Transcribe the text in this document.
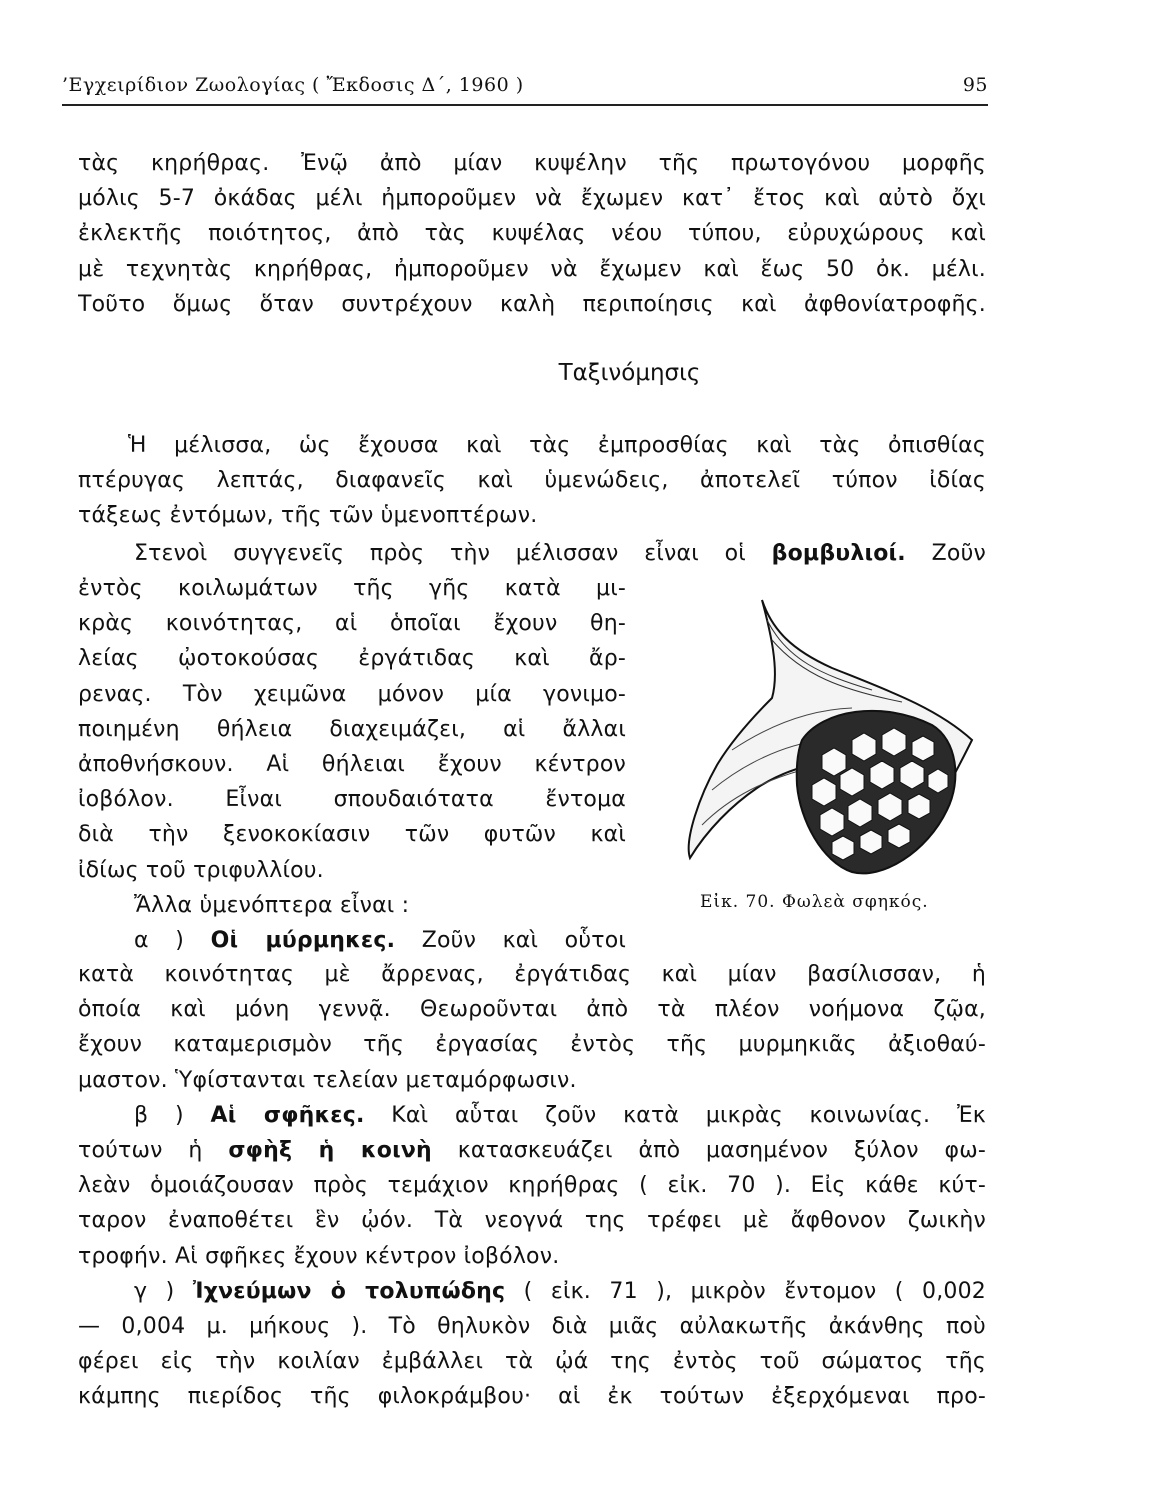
’Εγχειρίδιον Ζωολογίας ( Ἔκδοσις Δ΄, 1960 )	95
τὰς κηρήθρας. Ἐνῷ ἀπὸ μίαν κυψέλην τῆς πρωτογόνου μορφῆς
μόλις 5-7 ὀκάδας μέλι ἠμποροῦμεν νὰ ἔχωμεν κατ᾿ ἔτος καὶ αὐτὸ ὄχι
ἐκλεκτῆς ποιότητος, ἀπὸ τὰς κυψέλας νέου τύπου, εὐρυχώρους καὶ
μὲ τεχνητὰς κηρήθρας, ἠμποροῦμεν νὰ ἔχωμεν καὶ ἕως 50 ὀκ. μέλι.
Τοῦτο ὅμως ὅταν συντρέχουν καλὴ περιποίησις καὶ ἀφθονίατροφῆς.
Ταξινόμησις
Ἡ μέλισσα, ὡς ἔχουσα καὶ τὰς ἐμπροσθίας καὶ τὰς ὀπισθίας
πτέρυγας λεπτάς, διαφανεῖς καὶ ὑμενώδεις, ἀποτελεῖ τύπον ἰδίας
τάξεως ἐντόμων, τῆς τῶν ὑμενοπτέρων.
Στενοὶ συγγενεῖς πρὸς τὴν μέλισσαν εἶναι οἱ βομβυλιοί. Ζοῦν
ἐντὸς κοιλωμάτων τῆς γῆς κατὰ μι-
κρὰς κοινότητας, αἱ ὁποῖαι ἔχουν θη-
λείας ᾠοτοκούσας ἐργάτιδας καὶ ἄρ-
ρενας. Τὸν χειμῶνα μόνον μία γονιμο-
ποιημένη θήλεια διαχειμάζει, αἱ ἄλλαι
ἀποθνήσκουν. Αἱ θήλειαι ἔχουν κέντρον
ἰοβόλον. Εἶναι σπουδαιότατα ἔντομα
διὰ τὴν ξενοκοκίασιν τῶν φυτῶν καὶ
ἰδίως τοῦ τριφυλλίου.
Ἄλλα ὑμενόπτερα εἶναι :
α ) Οἱ μύρμηκες. Ζοῦν καὶ οὗτοι
Εἰκ. 70. Φωλεὰ σφηκός.
κατὰ κοινότητας μὲ ἄρρενας, ἐργάτιδας καὶ μίαν βασίλισσαν, ἡ
ὁποία καὶ μόνη γεννᾷ. Θεωροῦνται ἀπὸ τὰ πλέον νοήμονα ζῷα,
ἔχουν καταμερισμὸν τῆς ἐργασίας ἐντὸς τῆς μυρμηκιᾶς ἀξιοθαύ-
μαστον. Ὑφίστανται τελείαν μεταμόρφωσιν.
β ) Αἱ σφῆκες. Καὶ αὗται ζοῦν κατὰ μικρὰς κοινωνίας. Ἐκ
τούτων ἡ σφὴξ ἡ κοινὴ κατασκευάζει ἀπὸ μασημένον ξύλον φω-
λεὰν ὁμοιάζουσαν πρὸς τεμάχιον κηρήθρας ( εἰκ. 70 ). Εἰς κάθε κύτ-
ταρον ἐναποθέτει ἓν ᾠόν. Τὰ νεογνά της τρέφει μὲ ἄφθονον ζωικὴν
τροφήν. Αἱ σφῆκες ἔχουν κέντρον ἰοβόλον.
γ ) Ἰχνεύμων ὁ τολυπώδης ( εἰκ. 71 ), μικρὸν ἔντομον ( 0,002
— 0,004 μ. μήκους ). Τὸ θηλυκὸν διὰ μιᾶς αὐλακωτῆς ἀκάνθης ποὺ
φέρει εἰς τὴν κοιλίαν ἐμβάλλει τὰ ᾠά της ἐντὸς τοῦ σώματος τῆς
κάμπης πιερίδος τῆς φιλοκράμβου· αἱ ἐκ τούτων ἐξερχόμεναι προ-
